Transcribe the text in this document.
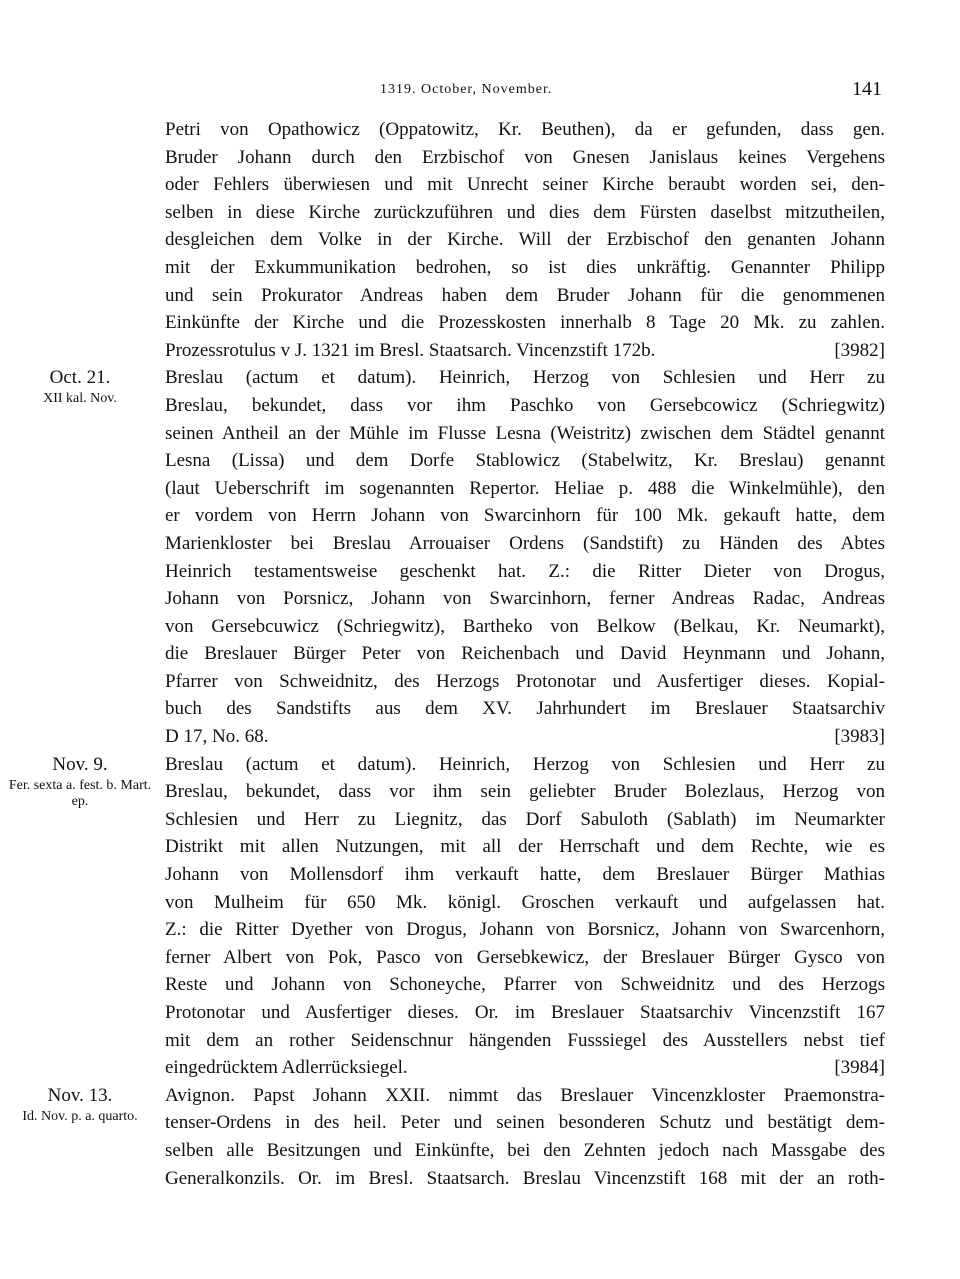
1319. October, November.	141
Petri von Opathowicz (Oppatowitz, Kr. Beuthen), da er gefunden, dass gen.
Bruder Johann durch den Erzbischof von Gnesen Janislaus keines Vergehens
oder Fehlers überwiesen und mit Unrecht seiner Kirche beraubt worden sei, den-
selben in diese Kirche zurückzuführen und dies dem Fürsten daselbst mitzutheilen,
desgleichen dem Volke in der Kirche. Will der Erzbischof den genanten Johann
mit der Exkummunikation bedrohen, so ist dies unkräftig. Genannter Philipp
und sein Prokurator Andreas haben dem Bruder Johann für die genommenen
Einkünfte der Kirche und die Prozesskosten innerhalb 8 Tage 20 Mk. zu zahlen.
Prozessrotulus v J. 1321 im Bresl. Staatsarch. Vincenzstift 172b.	[3982]
Oct. 21.
XII kal. Nov.
Breslau (actum et datum). Heinrich, Herzog von Schlesien und Herr zu
Breslau, bekundet, dass vor ihm Paschko von Gersebcowicz (Schriegwitz)
seinen Antheil an der Mühle im Flusse Lesna (Weistritz) zwischen dem Städtel genannt
Lesna (Lissa) und dem Dorfe Stablowicz (Stabelwitz, Kr. Breslau) genannt
(laut Ueberschrift im sogenannten Repertor. Heliae p. 488 die Winkelmühle), den
er vordem von Herrn Johann von Swarcinhorn für 100 Mk. gekauft hatte, dem
Marienkloster bei Breslau Arrouaiser Ordens (Sandstift) zu Händen des Abtes
Heinrich testamentsweise geschenkt hat. Z.: die Ritter Dieter von Drogus,
Johann von Porsnicz, Johann von Swarcinhorn, ferner Andreas Radac, Andreas
von Gersebcuwicz (Schriegwitz), Bartheko von Belkow (Belkau, Kr. Neumarkt),
die Breslauer Bürger Peter von Reichenbach und David Heynmann und Johann,
Pfarrer von Schweidnitz, des Herzogs Protonotar und Ausfertiger dieses. Kopial-
buch des Sandstifts aus dem XV. Jahrhundert im Breslauer Staatsarchiv
D 17, No. 68.	[3983]
Nov. 9.
Fer. sexta a. fest. b. Mart. ep.
Breslau (actum et datum). Heinrich, Herzog von Schlesien und Herr zu
Breslau, bekundet, dass vor ihm sein geliebter Bruder Bolezlaus, Herzog von
Schlesien und Herr zu Liegnitz, das Dorf Sabuloth (Sablath) im Neumarkter
Distrikt mit allen Nutzungen, mit all der Herrschaft und dem Rechte, wie es
Johann von Mollensdorf ihm verkauft hatte, dem Breslauer Bürger Mathias
von Mulheim für 650 Mk. königl. Groschen verkauft und aufgelassen hat.
Z.: die Ritter Dyether von Drogus, Johann von Borsnicz, Johann von Swarcenhorn,
ferner Albert von Pok, Pasco von Gersebkewicz, der Breslauer Bürger Gysco von
Reste und Johann von Schoneyche, Pfarrer von Schweidnitz und des Herzogs
Protonotar und Ausfertiger dieses. Or. im Breslauer Staatsarchiv Vincenzstift 167
mit dem an rother Seidenschnur hängenden Fusssiegel des Ausstellers nebst tief
eingedrücktem Adlerrücksiegel.	[3984]
Nov. 13.
Id. Nov. p. a. quarto.
Avignon. Papst Johann XXII. nimmt das Breslauer Vincenzkloster Praemonstra-
tenser-Ordens in des heil. Peter und seinen besonderen Schutz und bestätigt dem-
selben alle Besitzungen und Einkünfte, bei den Zehnten jedoch nach Massgabe des
Generalkonzils. Or. im Bresl. Staatsarch. Breslau Vincenzstift 168 mit der an roth-
